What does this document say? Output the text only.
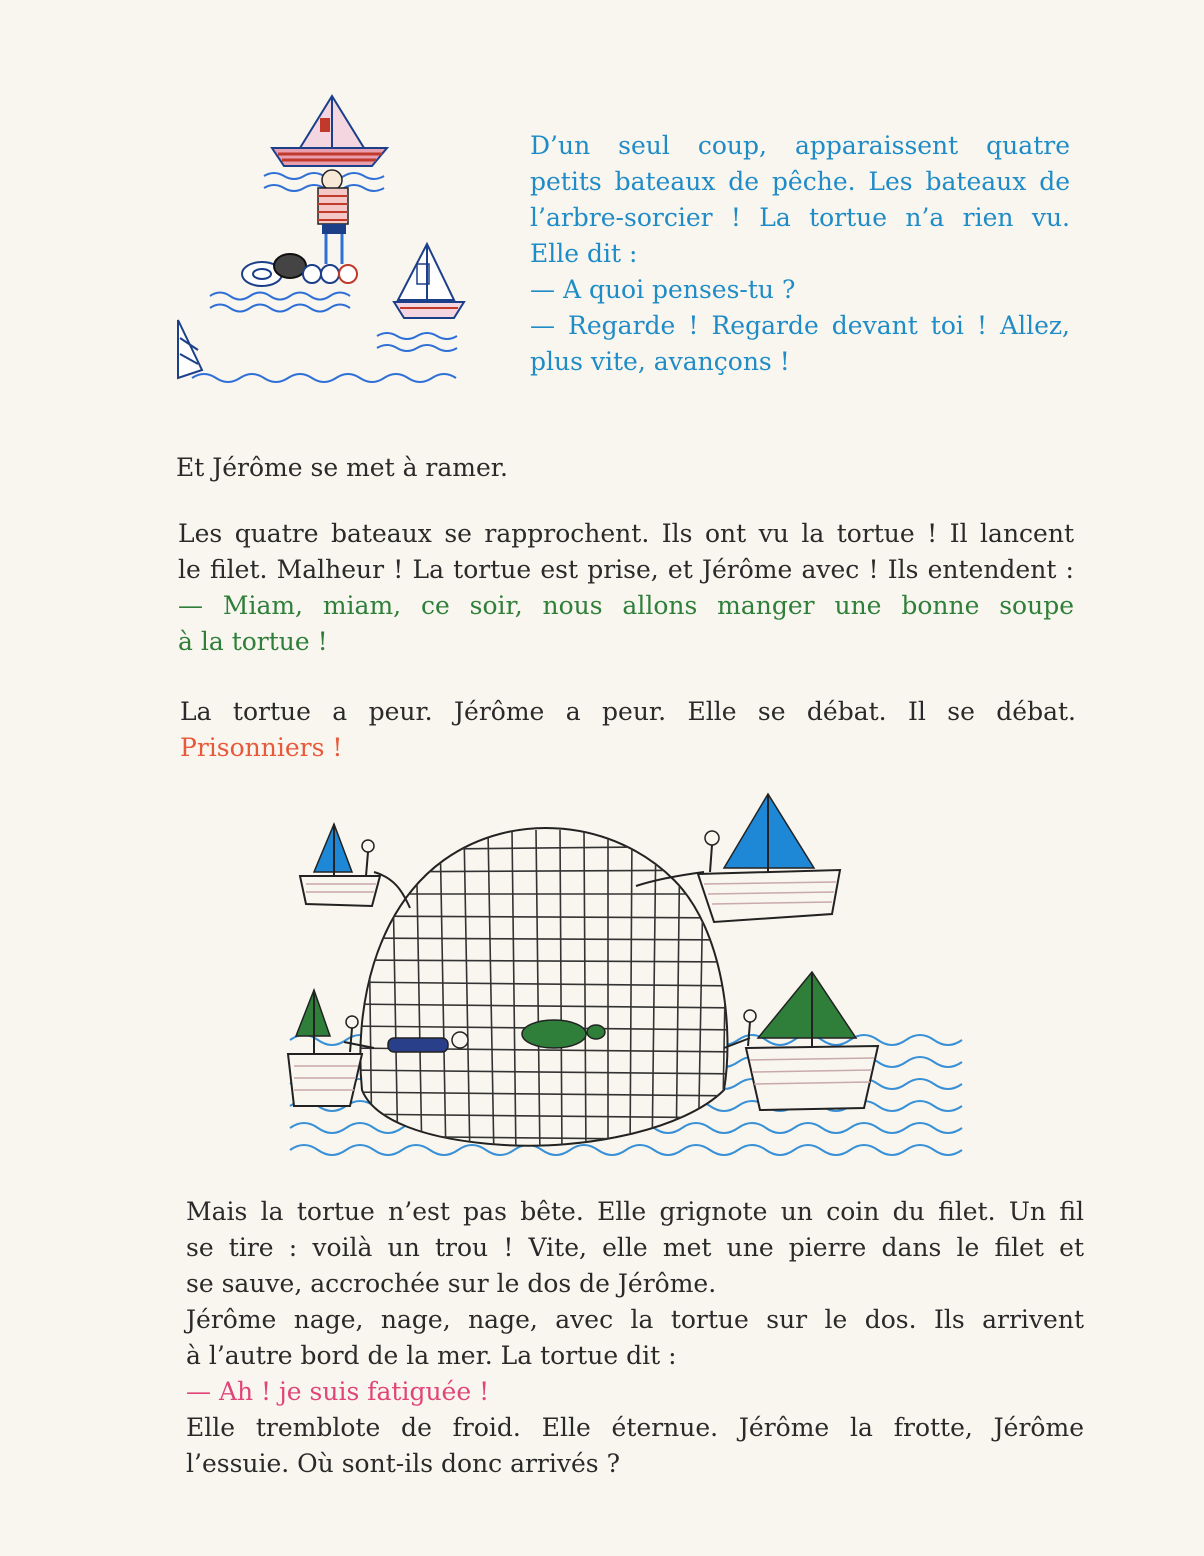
D’un seul coup, apparaissent quatre
petits bateaux de pêche. Les bateaux de
l’arbre-sorcier ! La tortue n’a rien vu.
Elle dit :
— A quoi penses-tu ?
— Regarde ! Regarde devant toi ! Allez,
plus vite, avançons !
Et Jérôme se met à ramer.
Les quatre bateaux se rapprochent. Ils ont vu la tortue ! Il lancent
le filet. Malheur ! La tortue est prise, et Jérôme avec ! Ils entendent :
— Miam, miam, ce soir, nous allons manger une bonne soupe
à la tortue !
La tortue a peur. Jérôme a peur. Elle se débat. Il se débat.
Prisonniers !
Mais la tortue n’est pas bête. Elle grignote un coin du filet. Un fil
se tire : voilà un trou ! Vite, elle met une pierre dans le filet et
se sauve, accrochée sur le dos de Jérôme.
Jérôme nage, nage, nage, avec la tortue sur le dos. Ils arrivent
à l’autre bord de la mer. La tortue dit :
— Ah ! je suis fatiguée !
Elle tremblote de froid. Elle éternue. Jérôme la frotte, Jérôme
l’essuie. Où sont-ils donc arrivés ?
